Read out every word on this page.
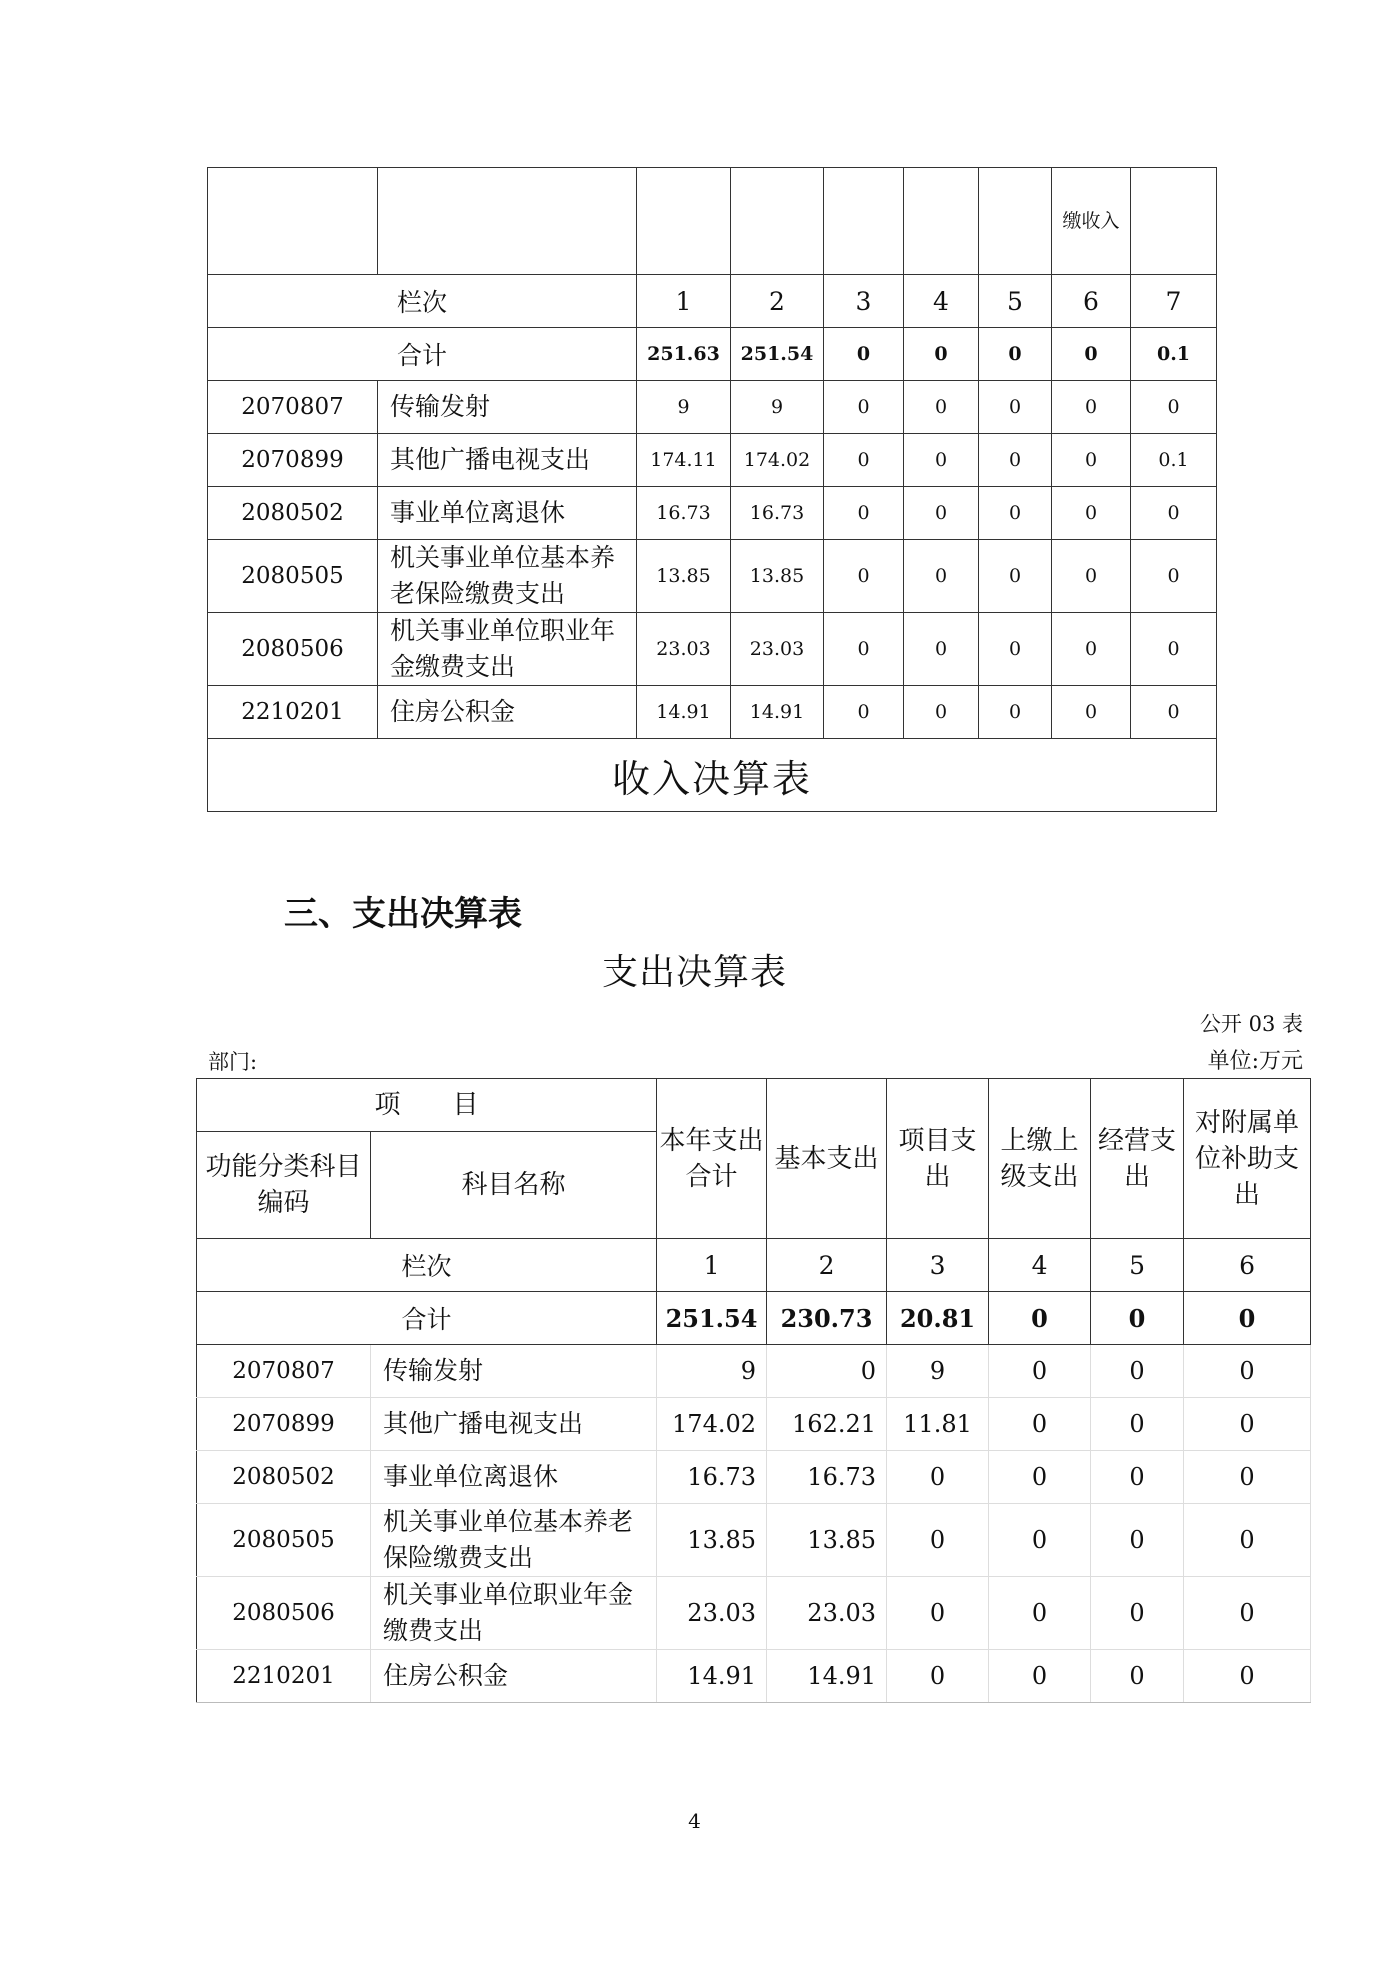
							缴收入	
栏次		1	2	3	4	5	6	7
合计		251.63	251.54	0	0	0	0	0.1
2070807	传输发射	9	9	0	0	0	0	0
2070899	其他广播电视支出	174.11	174.02	0	0	0	0	0.1
2080502	事业单位离退休	16.73	16.73	0	0	0	0	0
2080505	机关事业单位基本养老保险缴费支出	13.85	13.85	0	0	0	0	0
2080506	机关事业单位职业年金缴费支出	23.03	23.03	0	0	0	0	0
2210201	住房公积金	14.91	14.91	0	0	0	0	0
收入决算表								
三、支出决算表
支出决算表
公开 03 表
部门:	单位:万元
项　　目		本年支出合计	基本支出	项目支出	上缴上级支出	经营支出	对附属单位补助支出
功能分类科目编码	科目名称						
栏次		1	2	3	4	5	6
合计		251.54	230.73	20.81	0	0	0
2070807	传输发射	9	0	9	0	0	0
2070899	其他广播电视支出	174.02	162.21	11.81	0	0	0
2080502	事业单位离退休	16.73	16.73	0	0	0	0
2080505	机关事业单位基本养老保险缴费支出	13.85	13.85	0	0	0	0
2080506	机关事业单位职业年金缴费支出	23.03	23.03	0	0	0	0
2210201	住房公积金	14.91	14.91	0	0	0	0
4
